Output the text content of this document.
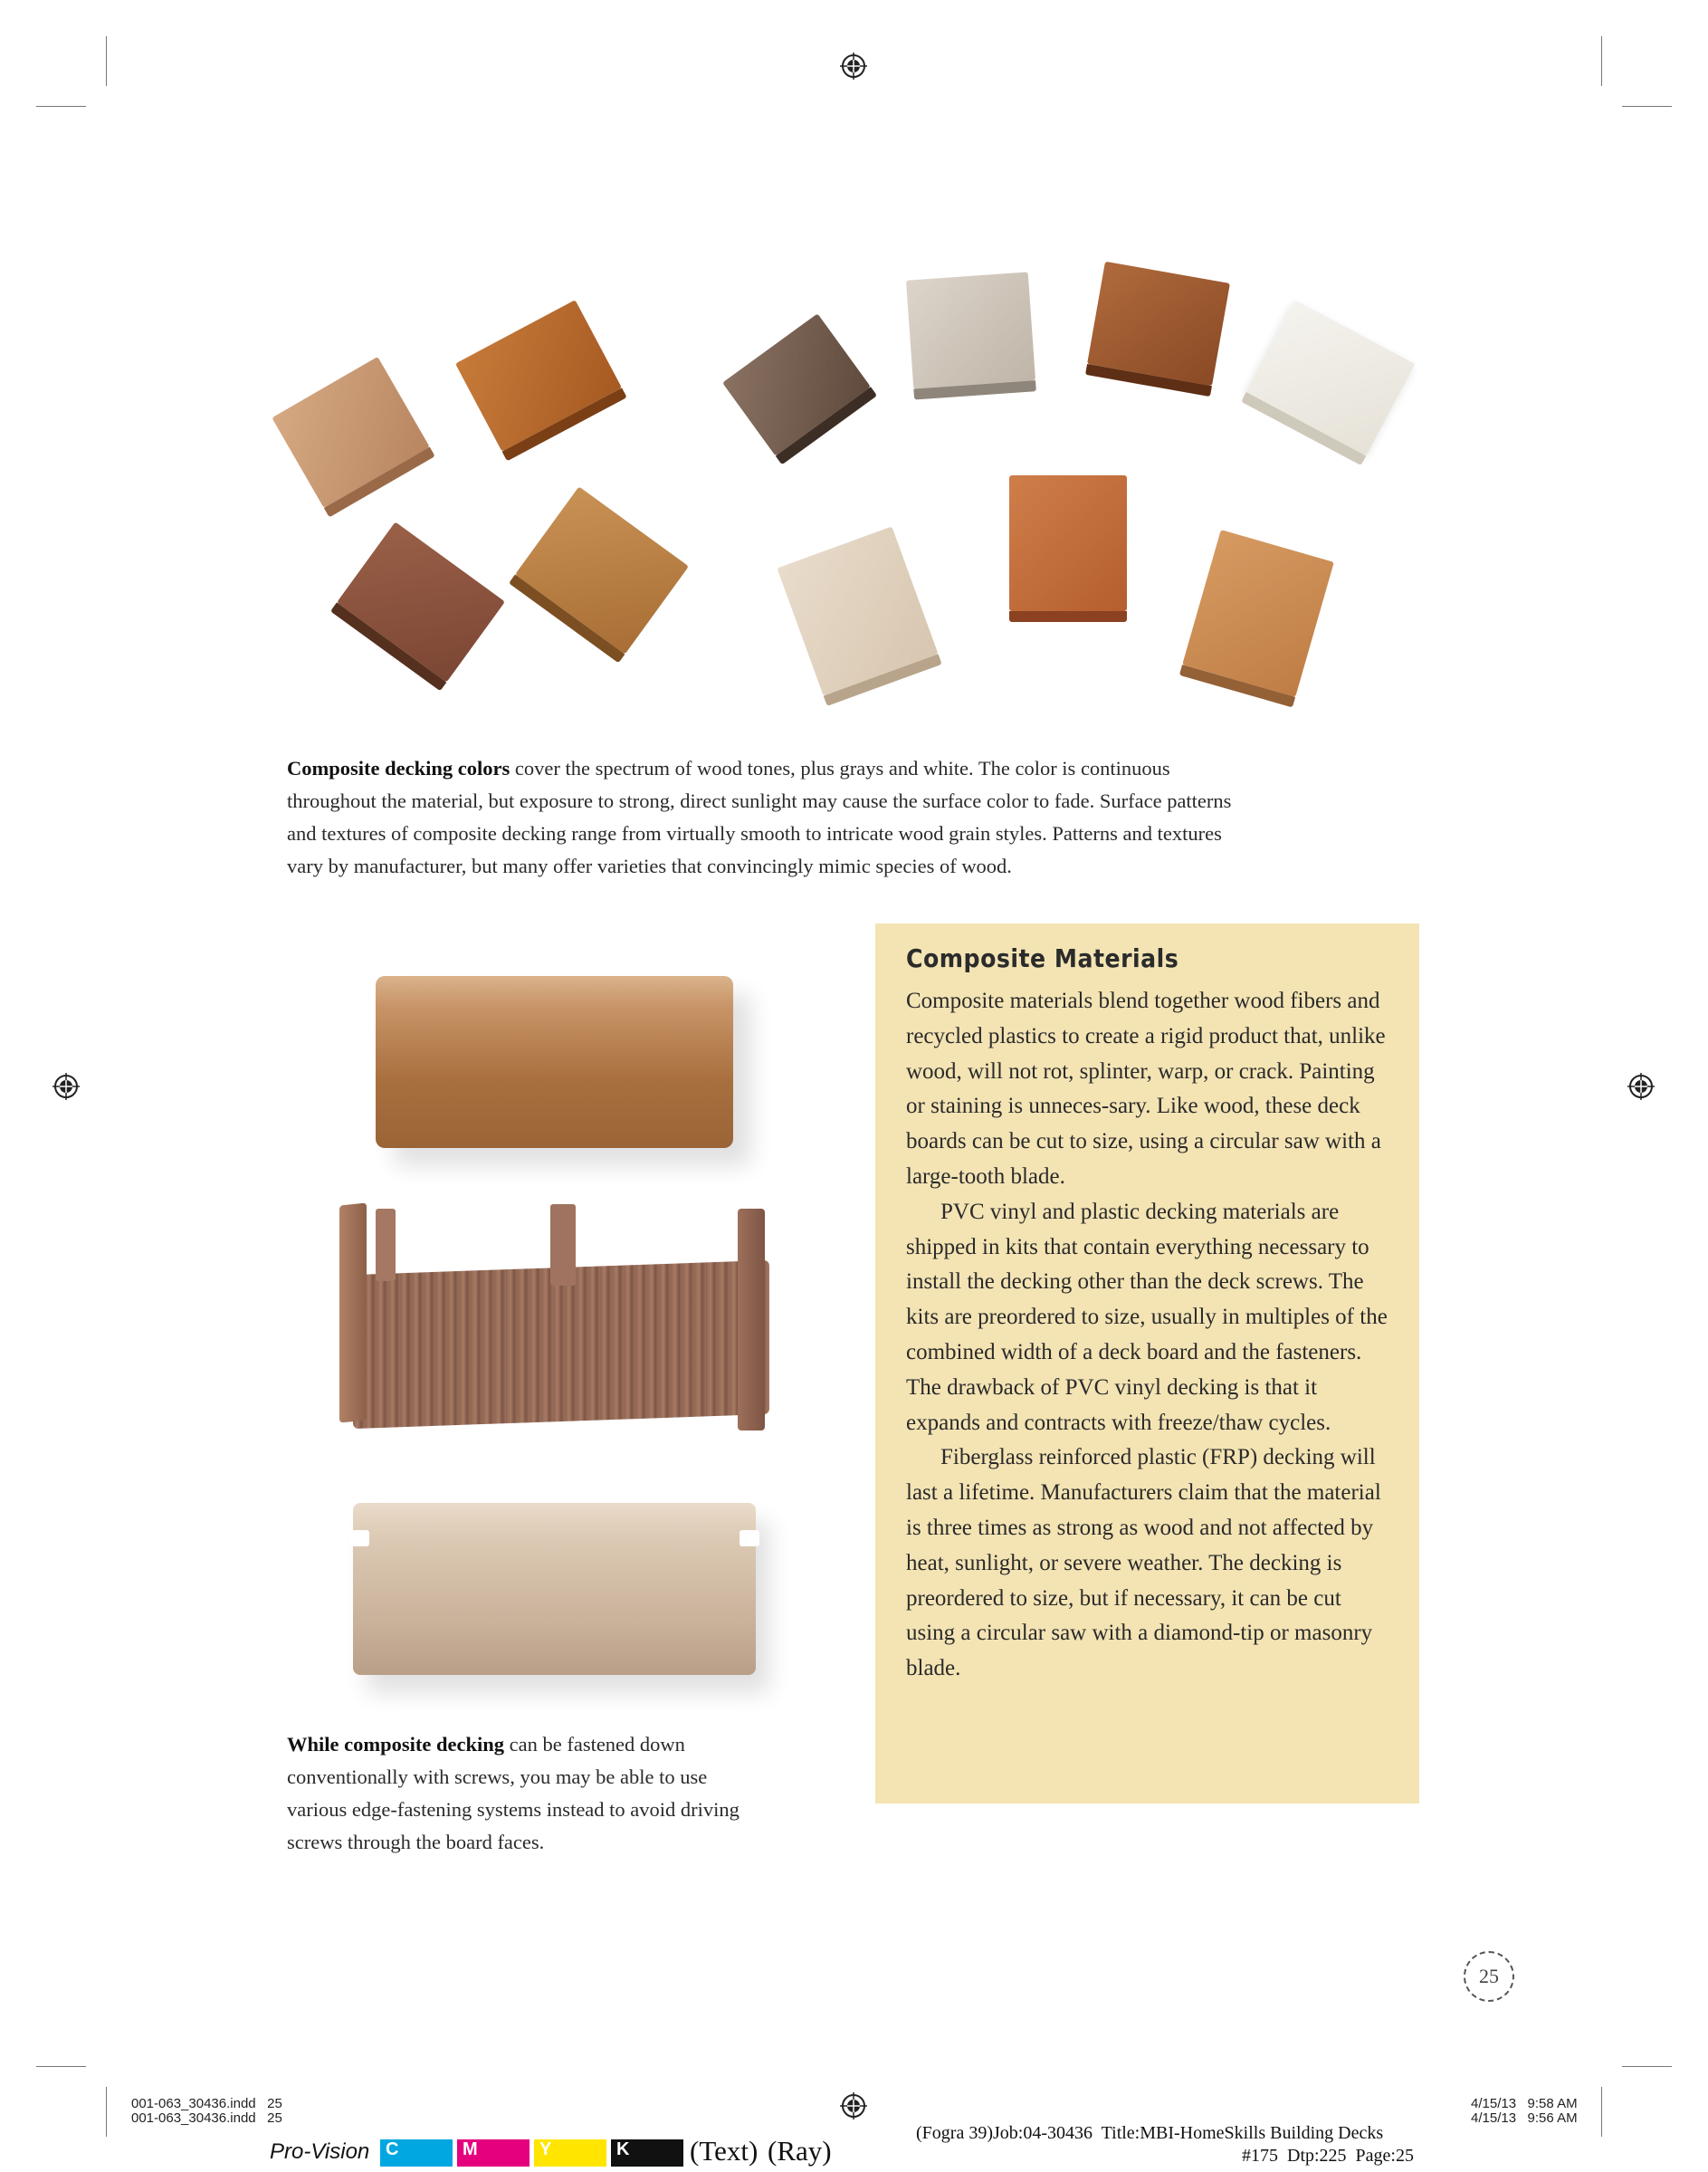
Composite decking colors cover the spectrum of wood tones, plus grays and white. The color is continuous
throughout the material, but exposure to strong, direct sunlight may cause the surface color to fade. Surface patterns
and textures of composite decking range from virtually smooth to intricate wood grain styles. Patterns and textures
vary by manufacturer, but many offer varieties that convincingly mimic species of wood.
While composite decking can be fastened down
conventionally with screws, you may be able to use
various edge-fastening systems instead to avoid driving
screws through the board faces.
Composite Materials

Composite materials blend together wood fibers and recycled plastics to create a rigid product that, unlike wood, will not rot, splinter, warp, or crack. Painting or staining is unneces-sary. Like wood, these deck boards can be cut to size, using a circular saw with a large-tooth blade.

PVC vinyl and plastic decking materials are shipped in kits that contain everything necessary to install the decking other than the deck screws. The kits are preordered to size, usually in multiples of the combined width of a deck board and the fasteners. The drawback of PVC vinyl decking is that it expands and contracts with freeze/thaw cycles.

Fiberglass reinforced plastic (FRP) decking will last a lifetime. Manufacturers claim that the material is three times as strong as wood and not affected by heat, sunlight, or severe weather. The decking is preordered to size, but if necessary, it can be cut using a circular saw with a diamond-tip or masonry blade.

25
001-063_30436.indd   25
001-063_30436.indd   25
4/15/13   9:58 AM
4/15/13   9:56 AM
(Fogra 39)Job:04-30436  Title:MBI-HomeSkills Building Decks
#175  Dtp:225  Page:25
Pro-Vision C	M	Y	K	(Text) (Ray)
